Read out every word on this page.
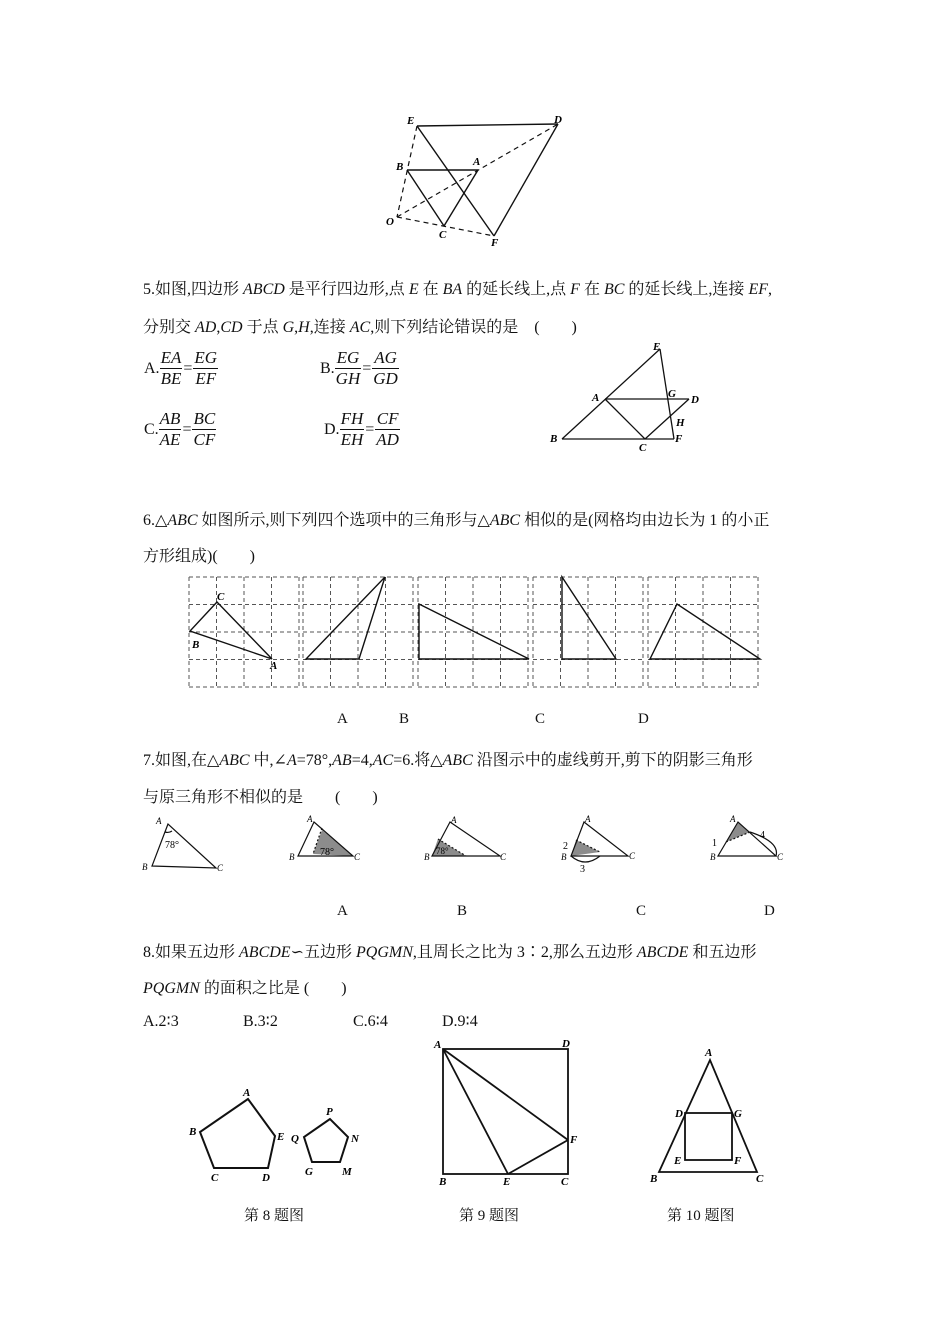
E	D
B	A
O
C
F
5.如图,四边形 ABCD 是平行四边形,点 E 在 BA 的延长线上,点 F 在 BC 的延长线上,连接 EF,
分别交 AD,CD 于点 G,H,连接 AC,则下列结论错误的是　(　　)
A. $\frac{EA}{BE} = \frac{EG}{EF}$	B. $\frac{EG}{GH} = \frac{AG}{GD}$
C. $\frac{AB}{AE} = \frac{BC}{CF}$	D. $\frac{FH}{EH} = \frac{CF}{AD}$
E
A	G D
H
B
C
F
6.△ABC 如图所示,则下列四个选项中的三角形与△ABC 相似的是(网格均由边长为 1 的小正
方形组成)(　　)
C
B
A
A	B	C	D
7.如图,在△ABC 中,∠A=78°,AB=4,AC=6.将△ABC 沿图示中的虚线剪开,剪下的阴影三角形
与原三角形不相似的是　　(　　)
A
B	C
78°
A
B	C
78°
A
B	C
78°
A
B	C
2
3
A
B	C
1
4
A	B	C	D
8.如果五边形 ABCDE∽五边形 PQGMN,且周长之比为 3∶2,那么五边形 ABCDE 和五边形
PQGMN 的面积之比是 (　　)
A.2∶3	B.3∶2	C.6∶4	D.9∶4
A
B	E
C	D
P
Q	N
G	M
A	D
F
B	E	C
A
D	G
E	F
B	C
第 8 题图	第 9 题图	第 10 题图
